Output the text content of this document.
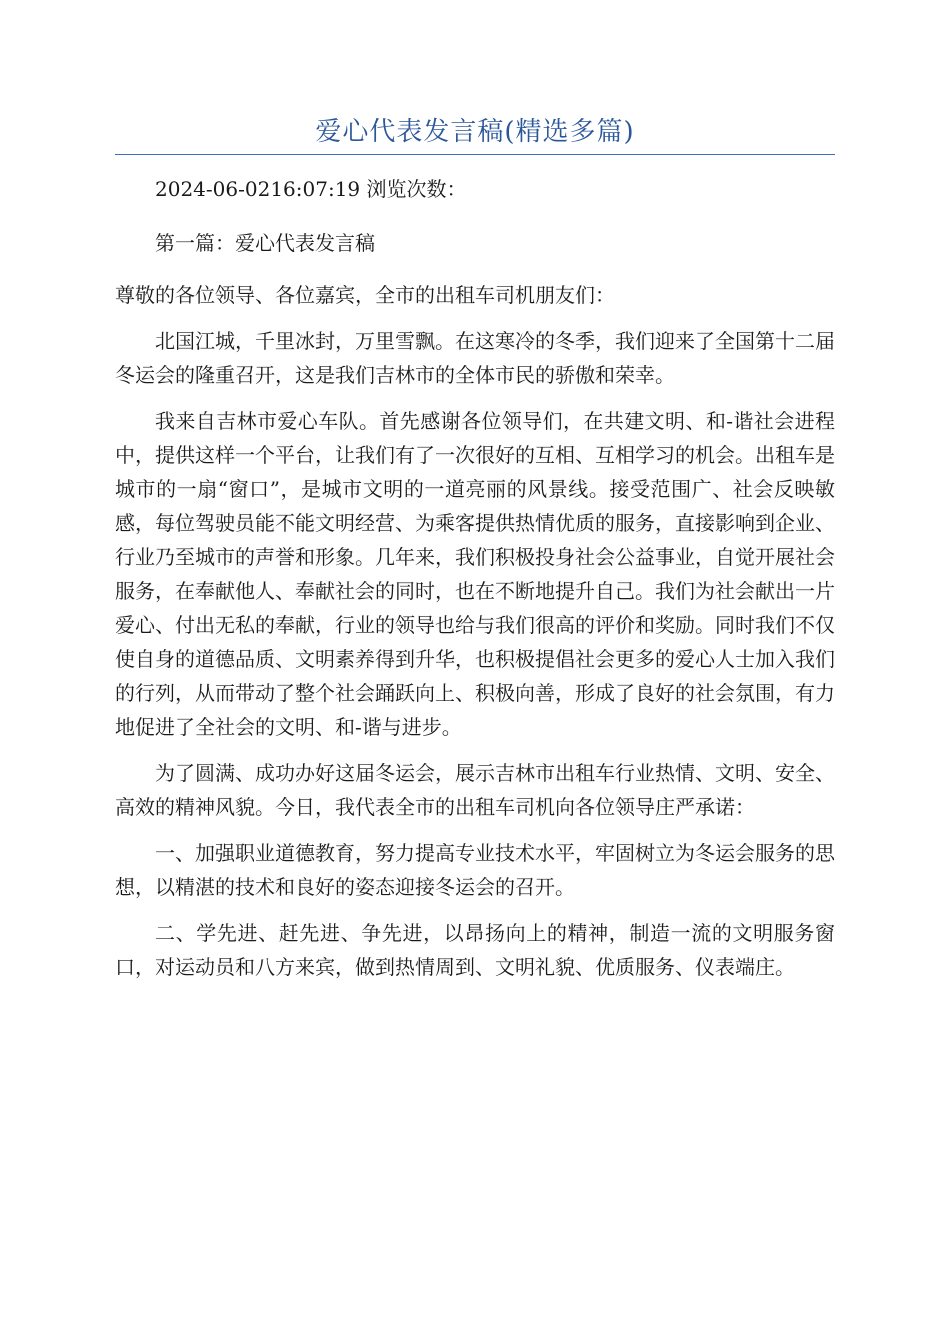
爱心代表发言稿(精选多篇)

2024-06-0216:07:19 浏览次数：

第一篇：爱心代表发言稿

尊敬的各位领导、各位嘉宾，全市的出租车司机朋友们：

北国江城，千里冰封，万里雪飘。在这寒冷的冬季，我们迎来了全国第十二届冬运会的隆重召开，这是我们吉林市的全体市民的骄傲和荣幸。

我来自吉林市爱心车队。首先感谢各位领导们，在共建文明、和-谐社会进程中，提供这样一个平台，让我们有了一次很好的互相、互相学习的机会。出租车是城市的一扇“窗口”，是城市文明的一道亮丽的风景线。接受范围广、社会反映敏感，每位驾驶员能不能文明经营、为乘客提供热情优质的服务，直接影响到企业、行业乃至城市的声誉和形象。几年来，我们积极投身社会公益事业，自觉开展社会服务，在奉献他人、奉献社会的同时，也在不断地提升自己。我们为社会献出一片爱心、付出无私的奉献，行业的领导也给与我们很高的评价和奖励。同时我们不仅使自身的道德品质、文明素养得到升华，也积极提倡社会更多的爱心人士加入我们的行列，从而带动了整个社会踊跃向上、积极向善，形成了良好的社会氛围，有力地促进了全社会的文明、和-谐与进步。

为了圆满、成功办好这届冬运会，展示吉林市出租车行业热情、文明、安全、高效的精神风貌。今日，我代表全市的出租车司机向各位领导庄严承诺：

一、加强职业道德教育，努力提高专业技术水平，牢固树立为冬运会服务的思想，以精湛的技术和良好的姿态迎接冬运会的召开。

二、学先进、赶先进、争先进，以昂扬向上的精神，制造一流的文明服务窗口，对运动员和八方来宾，做到热情周到、文明礼貌、优质服务、仪表端庄。
